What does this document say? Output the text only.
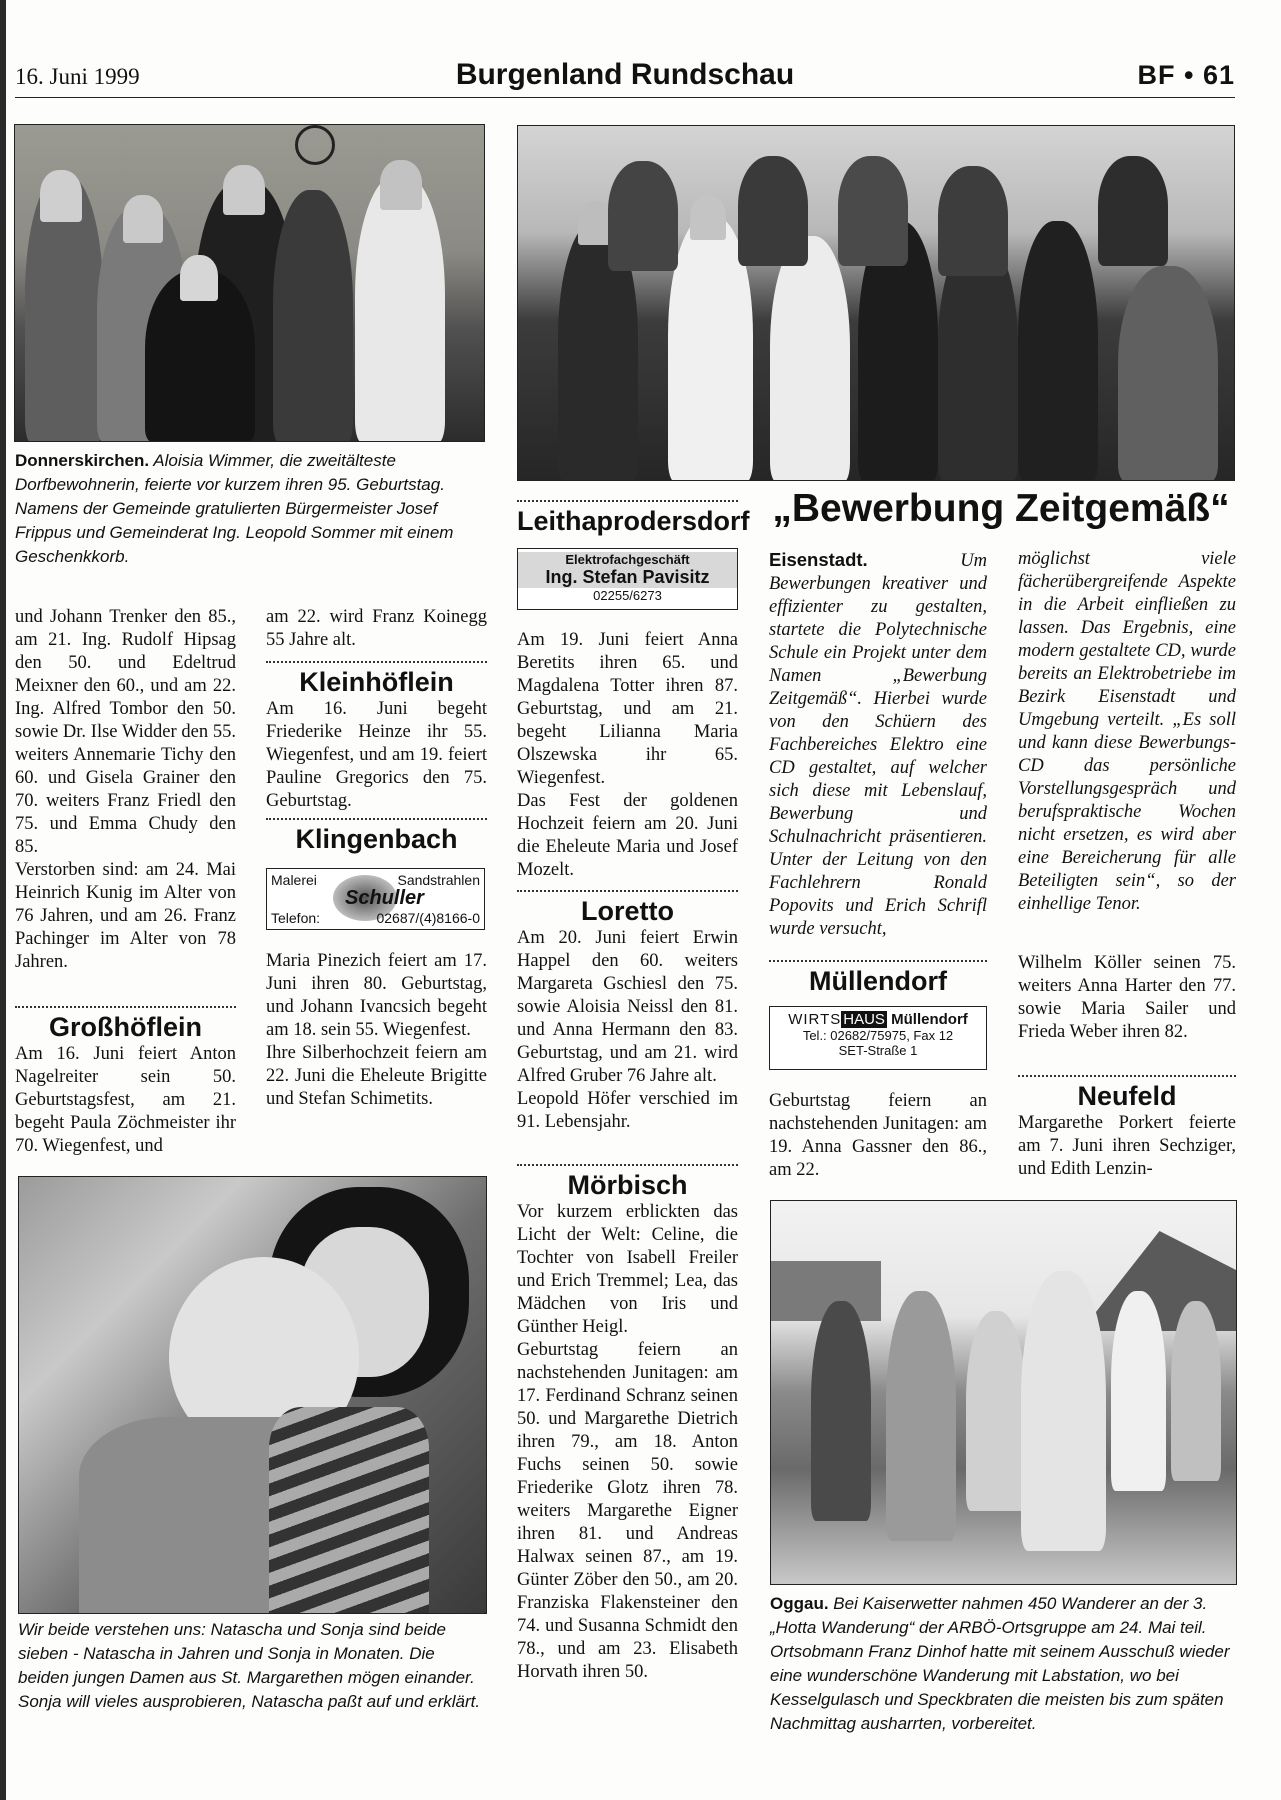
16. Juni 1999	Burgenland Rundschau	BF • 61
Donnerskirchen. Aloisia Wimmer, die zweitälteste Dorfbewohnerin, feierte vor kurzem ihren 95. Geburtstag. Namens der Gemeinde gratulierten Bürgermeister Josef Frippus und Gemeinderat Ing. Leopold Sommer mit einem Geschenkkorb.

und Johann Trenker den 85., am 21. Ing. Rudolf Hipsag den 50. und Edeltrud Meixner den 60., und am 22. Ing. Alfred Tombor den 50. sowie Dr. Ilse Widder den 55. weiters Annemarie Tichy den 60. und Gisela Grainer den 70. weiters Franz Friedl den 75. und Emma Chudy den 85.

Verstorben sind: am 24. Mai Heinrich Kunig im Alter von 76 Jahren, und am 26. Franz Pachinger im Alter von 78 Jahren.

Großhöflein
Am 16. Juni feiert Anton Nagelreiter sein 50. Geburtstagsfest, am 21. begeht Paula Zöchmeister ihr 70. Wiegenfest, und
am 22. wird Franz Koinegg 55 Jahre alt.
Kleinhöflein
Am 16. Juni begeht Friederike Heinze ihr 55. Wiegenfest, und am 19. feiert Pauline Gregorics den 75. Geburtstag.
Klingenbach
Malerei	Sandstrahlen
Schuller
Telefon:	02687/(4)8166-0

Maria Pinezich feiert am 17. Juni ihren 80. Geburtstag, und Johann Ivancsich begeht am 18. sein 55. Wiegenfest.

Ihre Silberhochzeit feiern am 22. Juni die Eheleute Brigitte und Stefan Schimetits.

Wir beide verstehen uns: Natascha und Sonja sind beide sieben - Natascha in Jahren und Sonja in Monaten. Die beiden jungen Damen aus St. Margarethen mögen einander. Sonja will vieles ausprobieren, Natascha paßt auf und erklärt.
Leithaprodersdorf
Elektrofachgeschäft
Ing. Stefan Pavisitz
02255/6273

Am 19. Juni feiert Anna Beretits ihren 65. und Magdalena Totter ihren 87. Geburtstag, und am 21. begeht Lilianna Maria Olszewska ihr 65. Wiegenfest.

Das Fest der goldenen Hochzeit feiern am 20. Juni die Eheleute Maria und Josef Mozelt.

Loretto

Am 20. Juni feiert Erwin Happel den 60. weiters Margareta Gschiesl den 75. sowie Aloisia Neissl den 81. und Anna Hermann den 83. Geburtstag, und am 21. wird Alfred Gruber 76 Jahre alt.

Leopold Höfer verschied im 91. Lebensjahr.

Mörbisch

Vor kurzem erblickten das Licht der Welt: Celine, die Tochter von Isabell Freiler und Erich Tremmel; Lea, das Mädchen von Iris und Günther Heigl.

Geburtstag feiern an nachstehenden Junitagen: am 17. Ferdinand Schranz seinen 50. und Margarethe Dietrich ihren 79., am 18. Anton Fuchs seinen 50. sowie Friederike Glotz ihren 78. weiters Margarethe Eigner ihren 81. und Andreas Halwax seinen 87., am 19. Günter Zöber den 50., am 20. Franziska Flakensteiner den 74. und Susanna Schmidt den 78., und am 23. Elisabeth Horvath ihren 50.

„Bewerbung Zeitgemäß“
Eisenstadt.	Um Bewerbungen kreativer und effizienter zu gestalten, startete die Polytechnische Schule ein Projekt unter dem Namen „Bewerbung Zeitgemäß“. Hierbei wurde von den Schüern des Fachbereiches Elektro eine CD gestaltet, auf welcher sich diese mit Lebenslauf, Bewerbung und Schulnachricht präsentieren. Unter der Leitung von den Fachlehrern Ronald Popovits und Erich Schrifl wurde versucht,
möglichst viele fächerübergreifende Aspekte in die Arbeit einfließen zu lassen. Das Ergebnis, eine modern gestaltete CD, wurde bereits an Elektrobetriebe im Bezirk Eisenstadt und Umgebung verteilt. „Es soll und kann diese Bewerbungs-CD das persönliche Vorstellungsgespräch und berufspraktische Wochen nicht ersetzen, es wird aber eine Bereicherung für alle Beteiligten sein“, so der einhellige Tenor.
Müllendorf
WIRTS HAUS Müllendorf
Tel.: 02682/75975, Fax 12
SET-Straße 1
Geburtstag feiern an nachstehenden Junitagen: am 19. Anna Gassner den 86., am 22.
Wilhelm Köller seinen 75. weiters Anna Harter den 77. sowie Maria Sailer und Frieda Weber ihren 82.
Neufeld
Margarethe Porkert feierte am 7. Juni ihren Sechziger, und Edith Lenzin-
Oggau. Bei Kaiserwetter nahmen 450 Wanderer an der 3. „Hotta Wanderung“ der ARBÖ-Ortsgruppe am 24. Mai teil. Ortsobmann Franz Dinhof hatte mit seinem Ausschuß wieder eine wunderschöne Wanderung mit Labstation, wo bei Kesselgulasch und Speckbraten die meisten bis zum späten Nachmittag ausharrten, vorbereitet.
